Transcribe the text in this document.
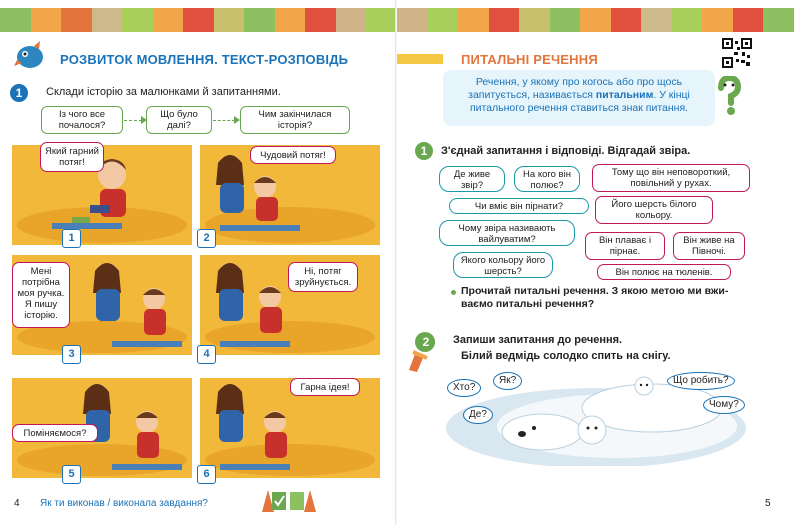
РОЗВИТОК МОВЛЕННЯ. ТЕКСТ-РОЗПОВІДЬ
1	Склади історію за малюнками й запитаннями.
Із чого все почалося?
Що було далі?
Чим закінчилася історія?
Який гарний потяг!
1
Чудовий потяг!
2
Мені потрібна моя ручка. Я пишу історію.
3
Ні, потяг зруйнується.
4
Поміняємося?
5
Гарна ідея!
6
4 Як ти виконав / виконала завдання?
ПИТАЛЬНІ РЕЧЕННЯ
Речення, у якому про когось або про щось запитується, називається питальним. У кінці питального речення ставиться знак питання.
1	З'єднай запитання і відповіді. Відгадай звіра.
Де живе звір?
На кого він полює?
Чи вміє він пірнати?
Чому звіра називають вайлуватим?
Якого кольору його шерсть?
Тому що він неповороткий, повільний у рухах.
Його шерсть білого кольору.
Він плаває і пірнає.
Він живе на Півночі.
Він полює на тюленів.
Прочитай питальні речення. З якою метою ми вжи-
ваємо питальні речення?
2	Запиши запитання до речення.
Білий ведмідь солодко спить на снігу.
Хто?
Як?
Де?
Що робить?
Чому?
5
